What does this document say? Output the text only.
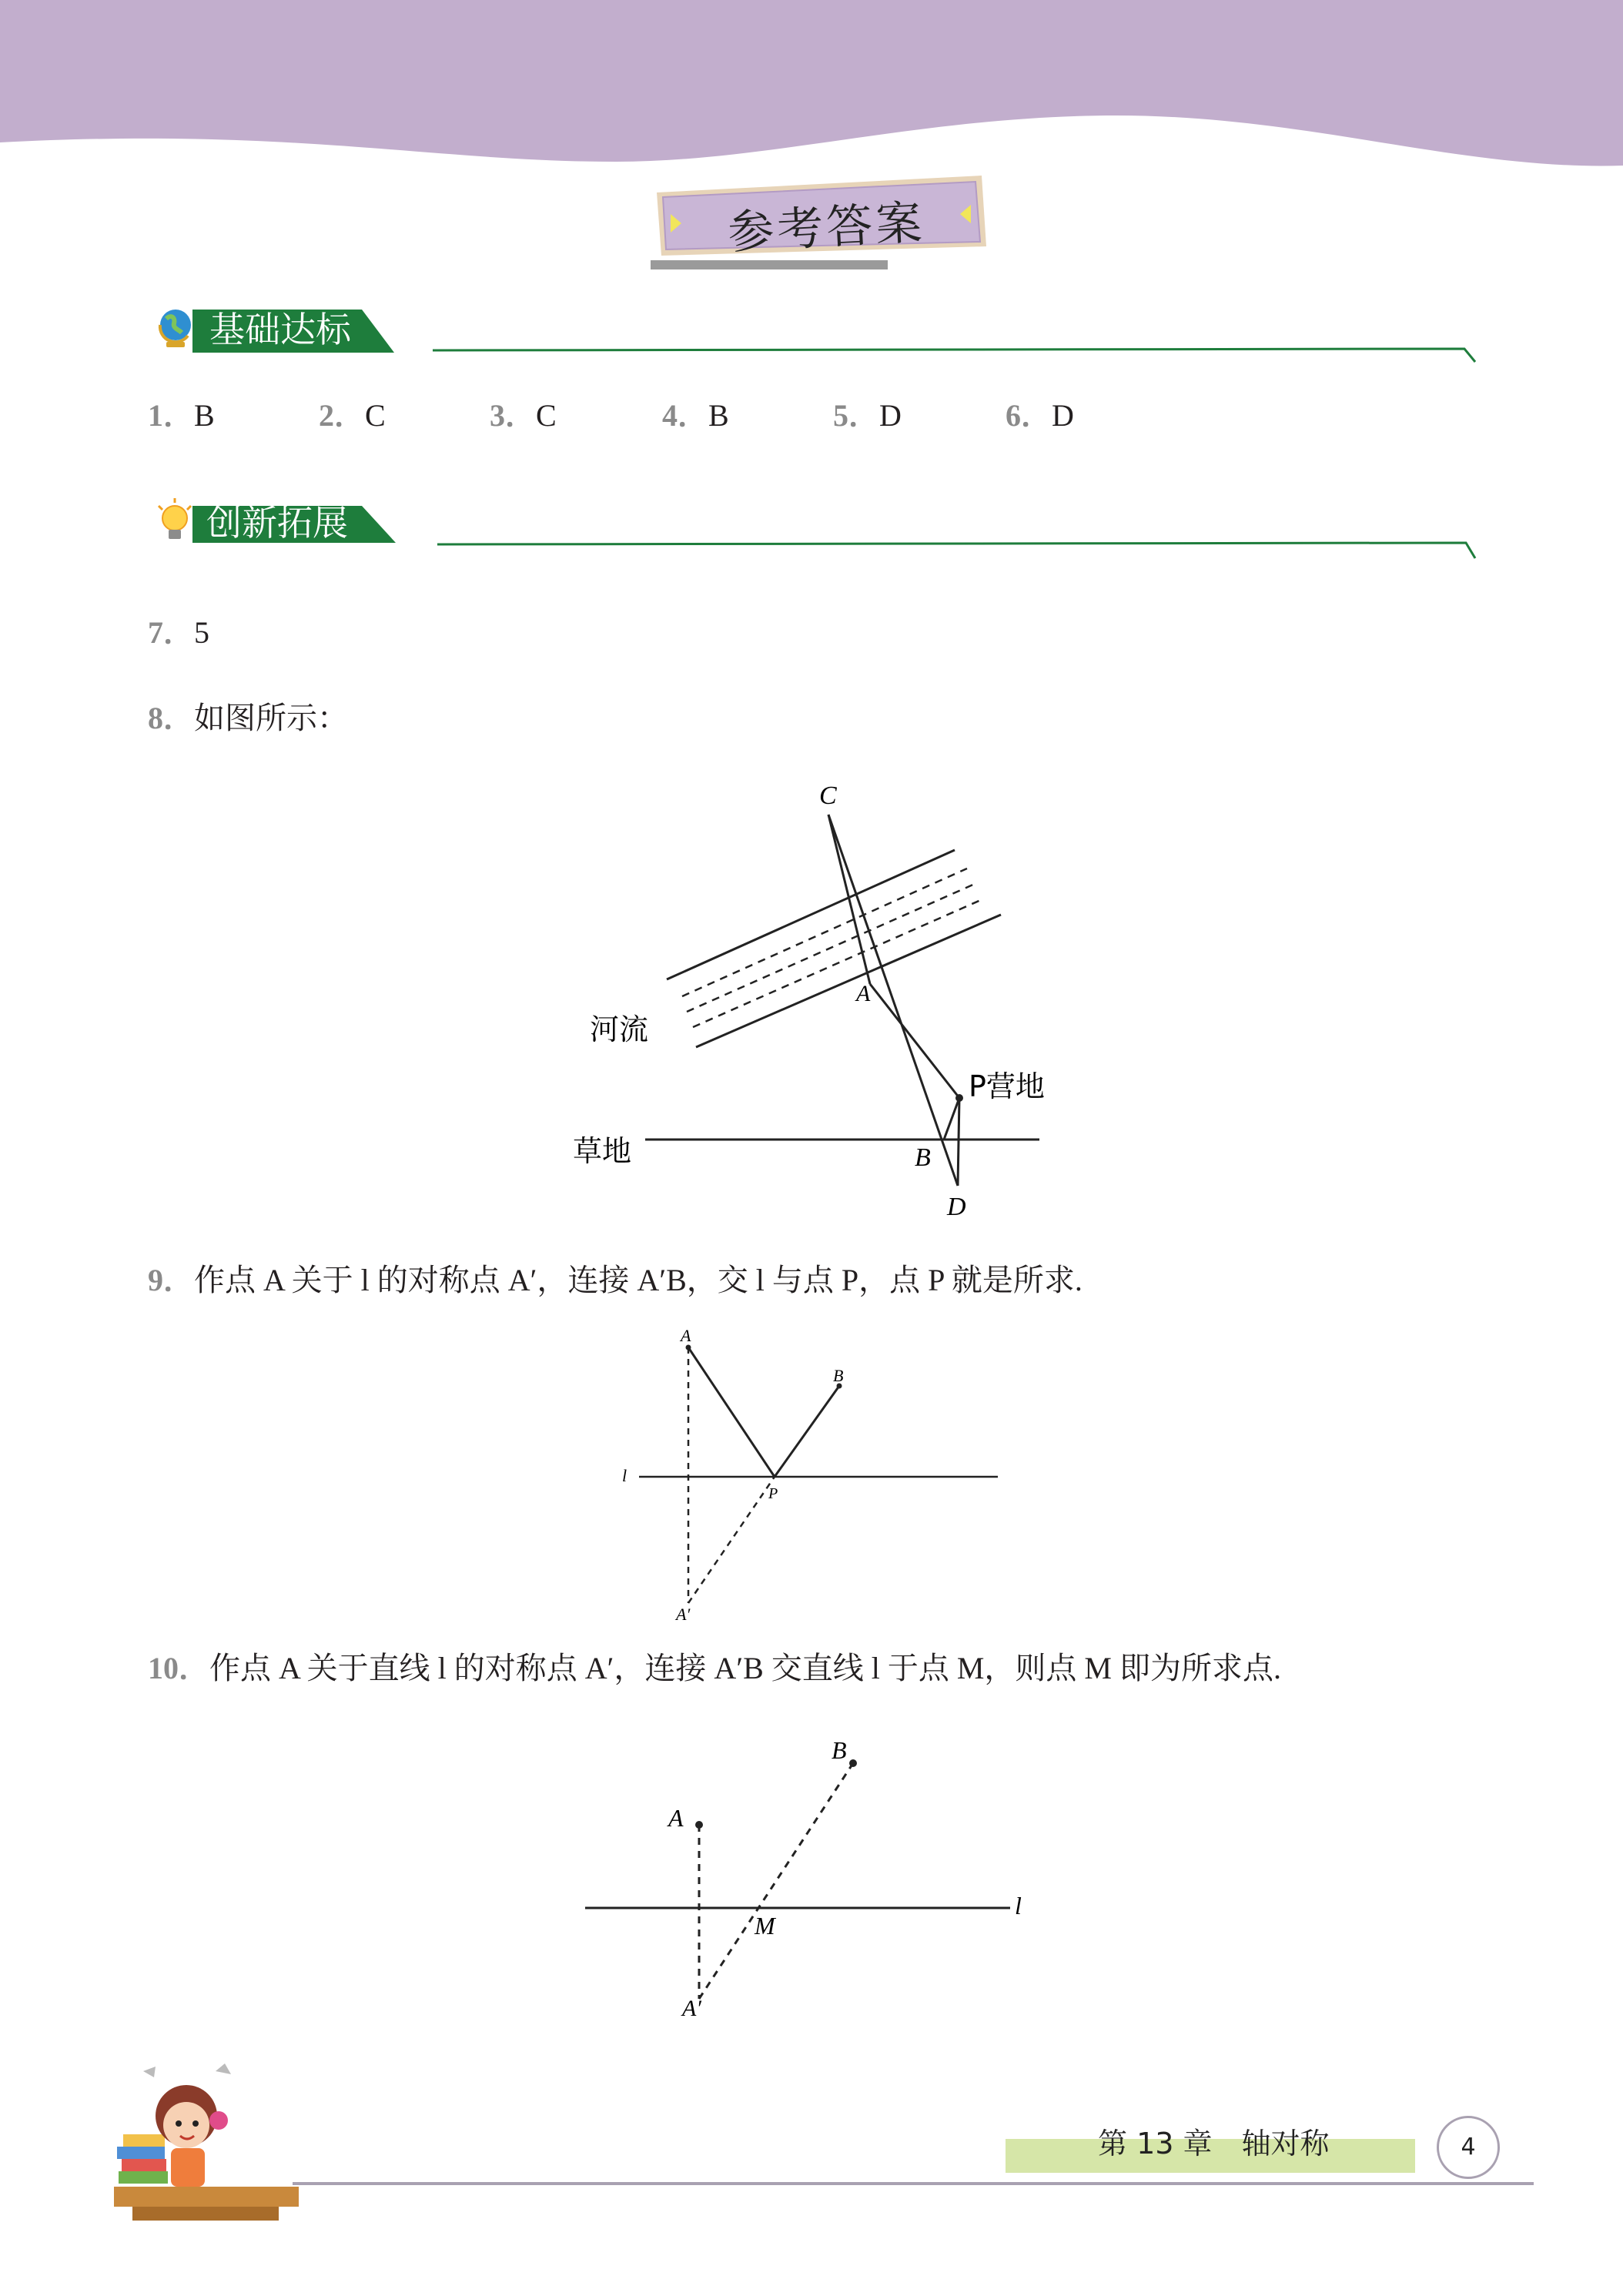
参考答案
基础达标
1．B	2．C	3．C	4．B	5．D	6．D
创新拓展
7．5
8．如图所示：
C
A
B
D
河流
P营地
草地
9．作点 A 关于 l 的对称点 A′，连接 A′B，交 l 与点 P，点 P 就是所求.
A
B
l
P
A′
10．作点 A 关于直线 l 的对称点 A′，连接 A′B 交直线 l 于点 M，则点 M 即为所求点.
A
B
l
M
A′
第 13 章　轴对称	4
